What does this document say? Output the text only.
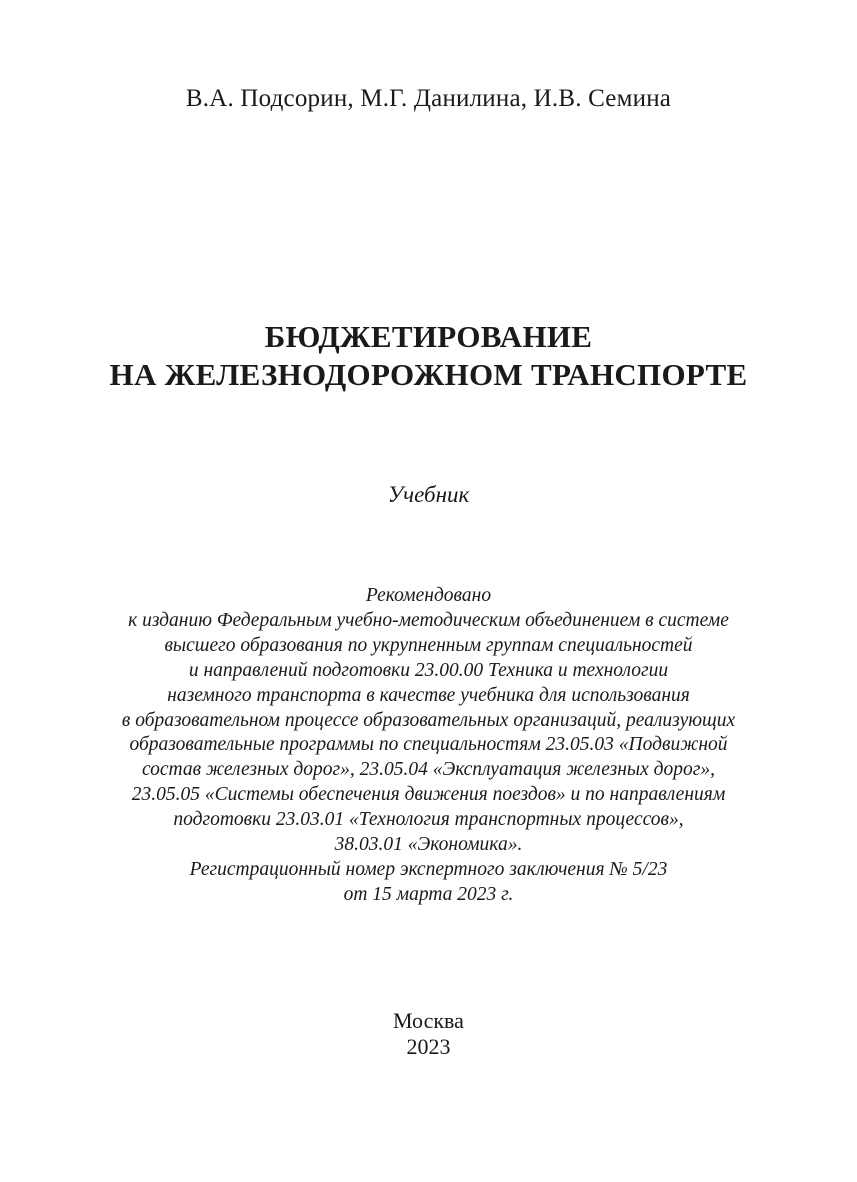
В.А. Подсорин, М.Г. Данилина, И.В. Семина
БЮДЖЕТИРОВАНИЕ
НА ЖЕЛЕЗНОДОРОЖНОМ ТРАНСПОРТЕ
Учебник
Рекомендовано
к изданию Федеральным учебно-методическим объединением в системе
высшего образования по укрупненным группам специальностей
и направлений подготовки 23.00.00 Техника и технологии
наземного транспорта в качестве учебника для использования
в образовательном процессе образовательных организаций, реализующих
образовательные программы по специальностям 23.05.03 «Подвижной
состав железных дорог», 23.05.04 «Эксплуатация железных дорог»,
23.05.05 «Системы обеспечения движения поездов» и по направлениям
подготовки 23.03.01 «Технология транспортных процессов»,
38.03.01 «Экономика».
Регистрационный номер экспертного заключения № 5/23
от 15 марта 2023 г.
Москва
2023
